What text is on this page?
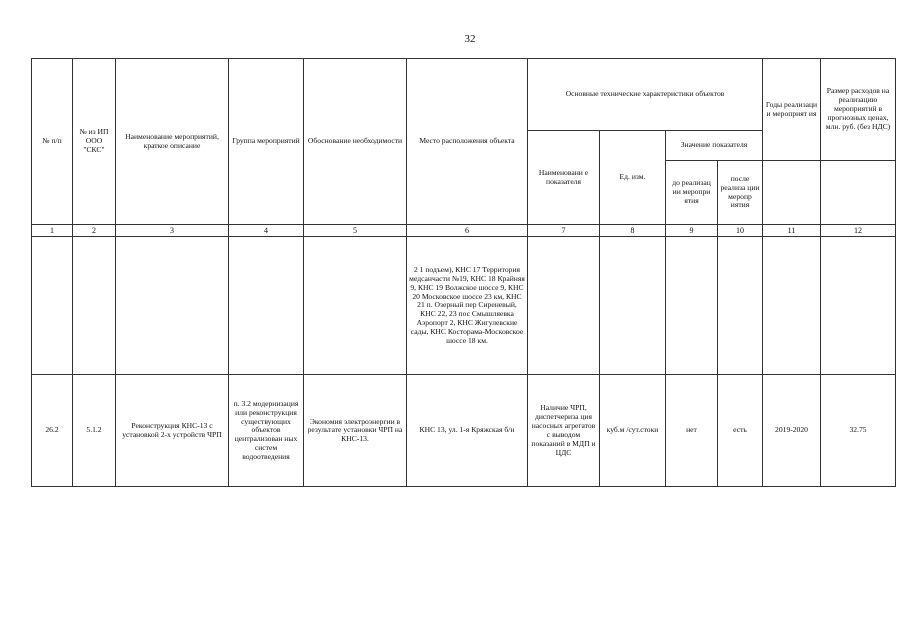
32
№ п/п	№ из ИП ООО "СКС"	Наименование мероприятий, краткое описание	Группа мероприятий	Обоснование необходимости	Место расположения объекта	Основные технические характеристики объектов				Годы реализаци и мероприят ия	Размер расходов на реализацию мероприятий в прогнозных ценах, млн. руб. (без НДС)
						Наименовани е показателя	Ед. изм.	Значение показателя			
								до реализац ии меропри ятия	после реализа ции меропр иятия		
1	2	3	4	5	6	7	8	9	10	11	12
					2 1 подъем), КНС 17 Территория медсанчасти №19, КНС 18 Крайняя 9, КНС 19 Волжское шоссе 9, КНС 20 Московское шоссе 23 км, КНС 21 п. Озерный пер Сиреневый, КНС 22, 23 пос Смышляевка Аэропорт 2, КНС Жигулевские сады, КНС Косторама-Московское шоссе 18 км.						
26.2	5.1.2	Реконструкция КНС-13 с установкой 2-х устройств ЧРП	п. 3.2 модернизация или реконструкция существующих объектов централизован ных систем водоотведения	Экономия электроэнергии в результате установки ЧРП на КНС-13.	КНС 13, ул. 1-я Кряжская б/н	Наличие ЧРП, диспетчеризa ция насосных агрегатов с выводом показаний в МДП и ЦДС	куб.м /сут.стоки	нет	есть	2019-2020	32.75
